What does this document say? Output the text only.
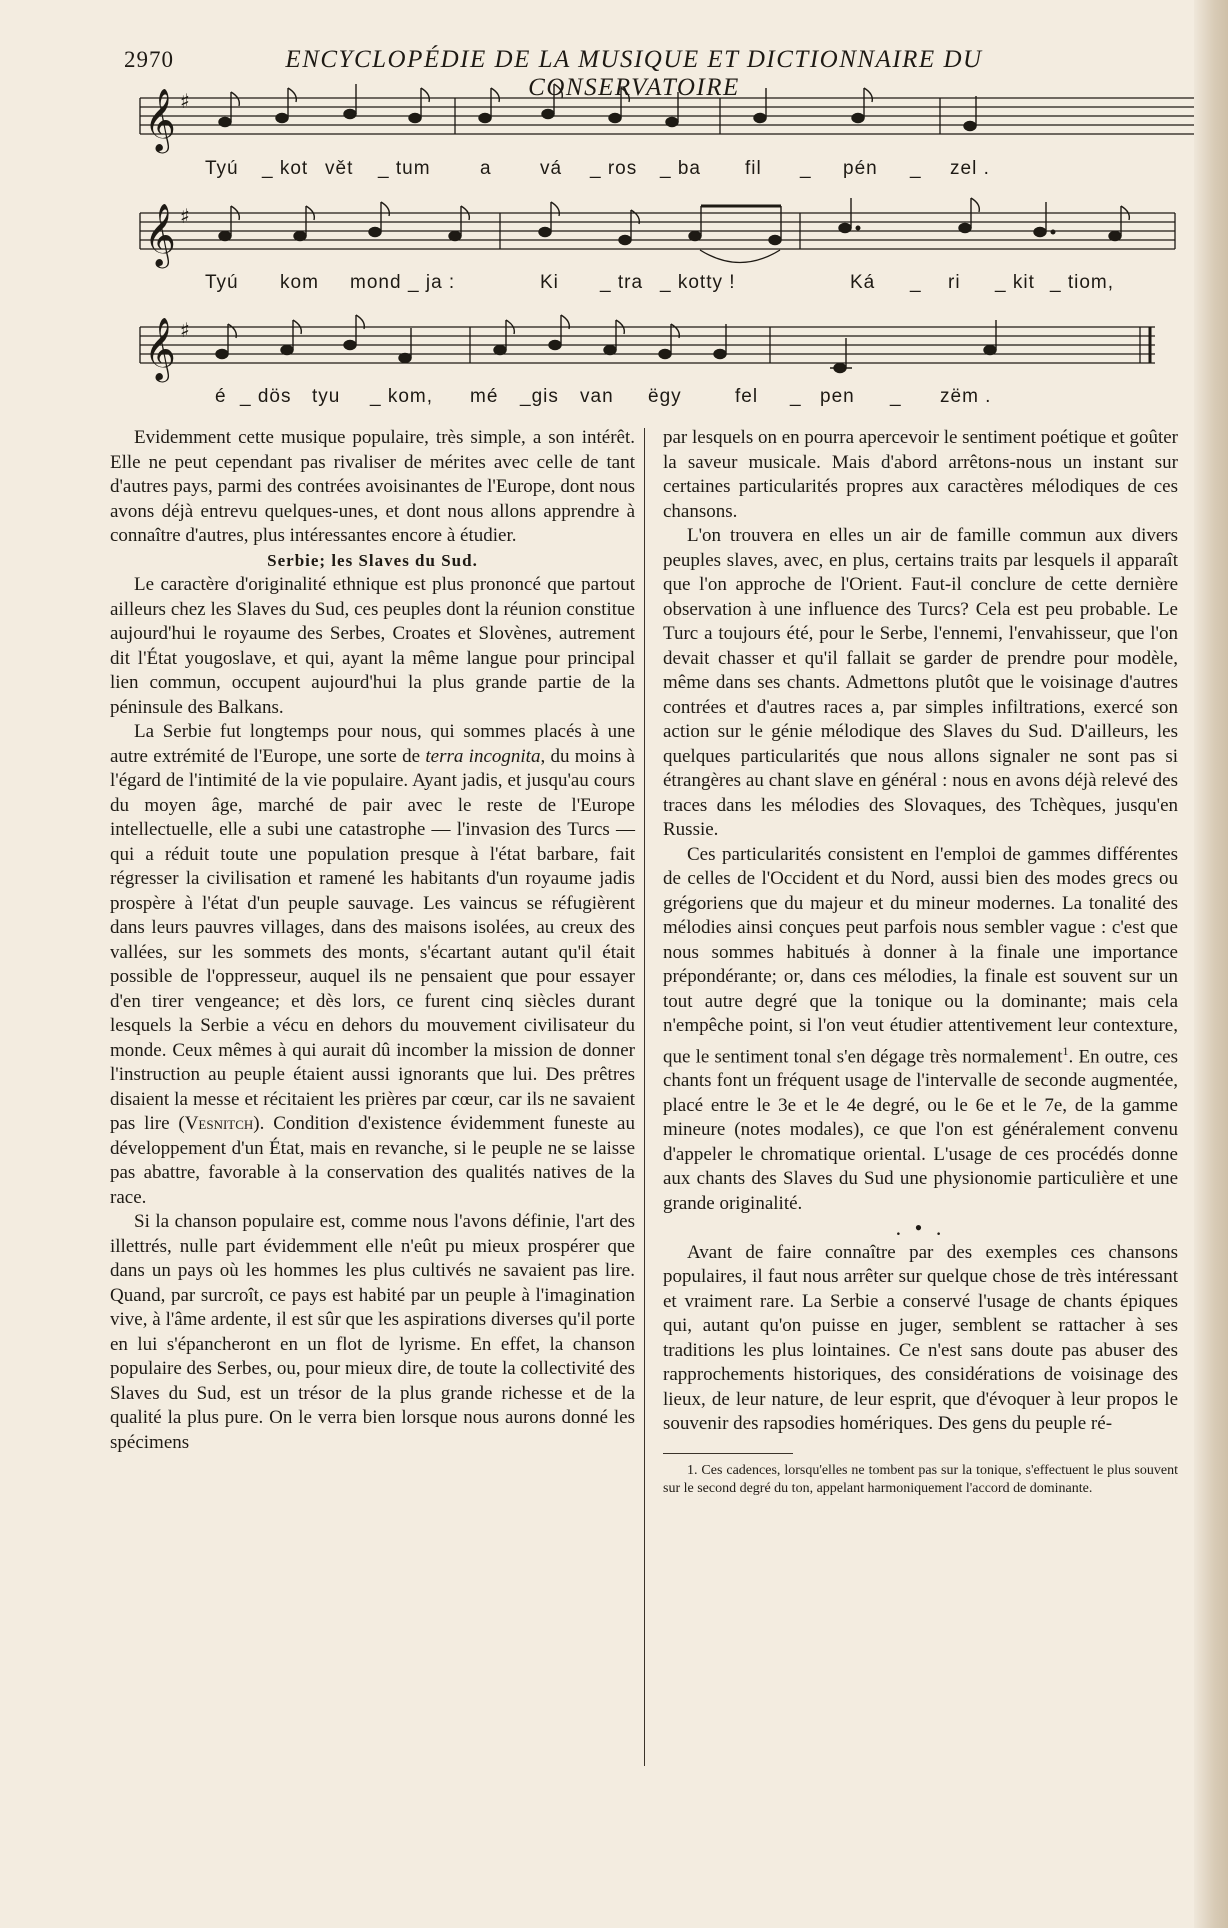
2970	ENCYCLOPÉDIE DE LA MUSIQUE ET DICTIONNAIRE DU CONSERVATOIRE
𝄞
𝄞
𝄞
♯
♯
♯
Tyú _ kot vět _ tum	a	vá _ ros _ ba fil _ pén _ zel .
Tyú kom mond _ ja :	Ki _ tra _ kotty !	Ká _ ri _ kit _ tiom,
é _ dös tyu _ kom, mé _gis van ëgy	fel _ pen _ zëm .

Evidemment cette musique populaire, très simple, a son intérêt. Elle ne peut cependant pas rivaliser de mérites avec celle de tant d'autres pays, parmi des contrées avoisinantes de l'Europe, dont nous avons déjà entrevu quelques-unes, et dont nous allons apprendre à connaître d'autres, plus intéressantes encore à étudier.

Serbie; les Slaves du Sud.

Le caractère d'originalité ethnique est plus prononcé que partout ailleurs chez les Slaves du Sud, ces peuples dont la réunion constitue aujourd'hui le royaume des Serbes, Croates et Slovènes, autrement dit l'État yougoslave, et qui, ayant la même langue pour principal lien commun, occupent aujourd'hui la plus grande partie de la péninsule des Balkans.

La Serbie fut longtemps pour nous, qui sommes placés à une autre extrémité de l'Europe, une sorte de terra incognita, du moins à l'égard de l'intimité de la vie populaire. Ayant jadis, et jusqu'au cours du moyen âge, marché de pair avec le reste de l'Europe intellectuelle, elle a subi une catastrophe — l'invasion des Turcs — qui a réduit toute une population presque à l'état barbare, fait régresser la civilisation et ramené les habitants d'un royaume jadis prospère à l'état d'un peuple sauvage. Les vaincus se réfugièrent dans leurs pauvres villages, dans des maisons isolées, au creux des vallées, sur les sommets des monts, s'écartant autant qu'il était possible de l'oppresseur, auquel ils ne pensaient que pour essayer d'en tirer vengeance; et dès lors, ce furent cinq siècles durant lesquels la Serbie a vécu en dehors du mouvement civilisateur du monde. Ceux mêmes à qui aurait dû incomber la mission de donner l'instruction au peuple étaient aussi ignorants que lui. Des prêtres disaient la messe et récitaient les prières par cœur, car ils ne savaient pas lire (Vesnitch). Condition d'existence évidemment funeste au développement d'un État, mais en revanche, si le peuple ne se laisse pas abattre, favorable à la conservation des qualités natives de la race.

Si la chanson populaire est, comme nous l'avons définie, l'art des illettrés, nulle part évidemment elle n'eût pu mieux prospérer que dans un pays où les hommes les plus cultivés ne savaient pas lire. Quand, par surcroît, ce pays est habité par un peuple à l'imagination vive, à l'âme ardente, il est sûr que les aspirations diverses qu'il porte en lui s'épancheront en un flot de lyrisme. En effet, la chanson populaire des Serbes, ou, pour mieux dire, de toute la collectivité des Slaves du Sud, est un trésor de la plus grande richesse et de la qualité la plus pure. On le verra bien lorsque nous aurons donné les spécimens

par lesquels on en pourra apercevoir le sentiment poétique et goûter la saveur musicale. Mais d'abord arrêtons-nous un instant sur certaines particularités propres aux caractères mélodiques de ces chansons.

L'on trouvera en elles un air de famille commun aux divers peuples slaves, avec, en plus, certains traits par lesquels il apparaît que l'on approche de l'Orient. Faut-il conclure de cette dernière observation à une influence des Turcs? Cela est peu probable. Le Turc a toujours été, pour le Serbe, l'ennemi, l'envahisseur, que l'on devait chasser et qu'il fallait se garder de prendre pour modèle, même dans ses chants. Admettons plutôt que le voisinage d'autres contrées et d'autres races a, par simples infiltrations, exercé son action sur le génie mélodique des Slaves du Sud. D'ailleurs, les quelques particularités que nous allons signaler ne sont pas si étrangères au chant slave en général : nous en avons déjà relevé des traces dans les mélodies des Slovaques, des Tchèques, jusqu'en Russie.

Ces particularités consistent en l'emploi de gammes différentes de celles de l'Occident et du Nord, aussi bien des modes grecs ou grégoriens que du majeur et du mineur modernes. La tonalité des mélodies ainsi conçues peut parfois nous sembler vague : c'est que nous sommes habitués à donner à la finale une importance prépondérante; or, dans ces mélodies, la finale est souvent sur un tout autre degré que la tonique ou la dominante; mais cela n'empêche point, si l'on veut étudier attentivement leur contexture, que le sentiment tonal s'en dégage très normalement$^1$. En outre, ces chants font un fréquent usage de l'intervalle de seconde augmentée, placé entre le 3e et le 4e degré, ou le 6e et le 7e, de la gamme mineure (notes modales), ce que l'on est généralement convenu d'appeler le chromatique oriental. L'usage de ces procédés donne aux chants des Slaves du Sud une physionomie particulière et une grande originalité.

. • .

Avant de faire connaître par des exemples ces chansons populaires, il faut nous arrêter sur quelque chose de très intéressant et vraiment rare. La Serbie a conservé l'usage de chants épiques qui, autant qu'on puisse en juger, semblent se rattacher à ses traditions les plus lointaines. Ce n'est sans doute pas abuser des rapprochements historiques, des considérations de voisinage des lieux, de leur nature, de leur esprit, que d'évoquer à leur propos le souvenir des rapsodies homériques. Des gens du peuple ré-

1. Ces cadences, lorsqu'elles ne tombent pas sur la tonique, s'effectuent le plus souvent sur le second degré du ton, appelant harmoniquement l'accord de dominante.
